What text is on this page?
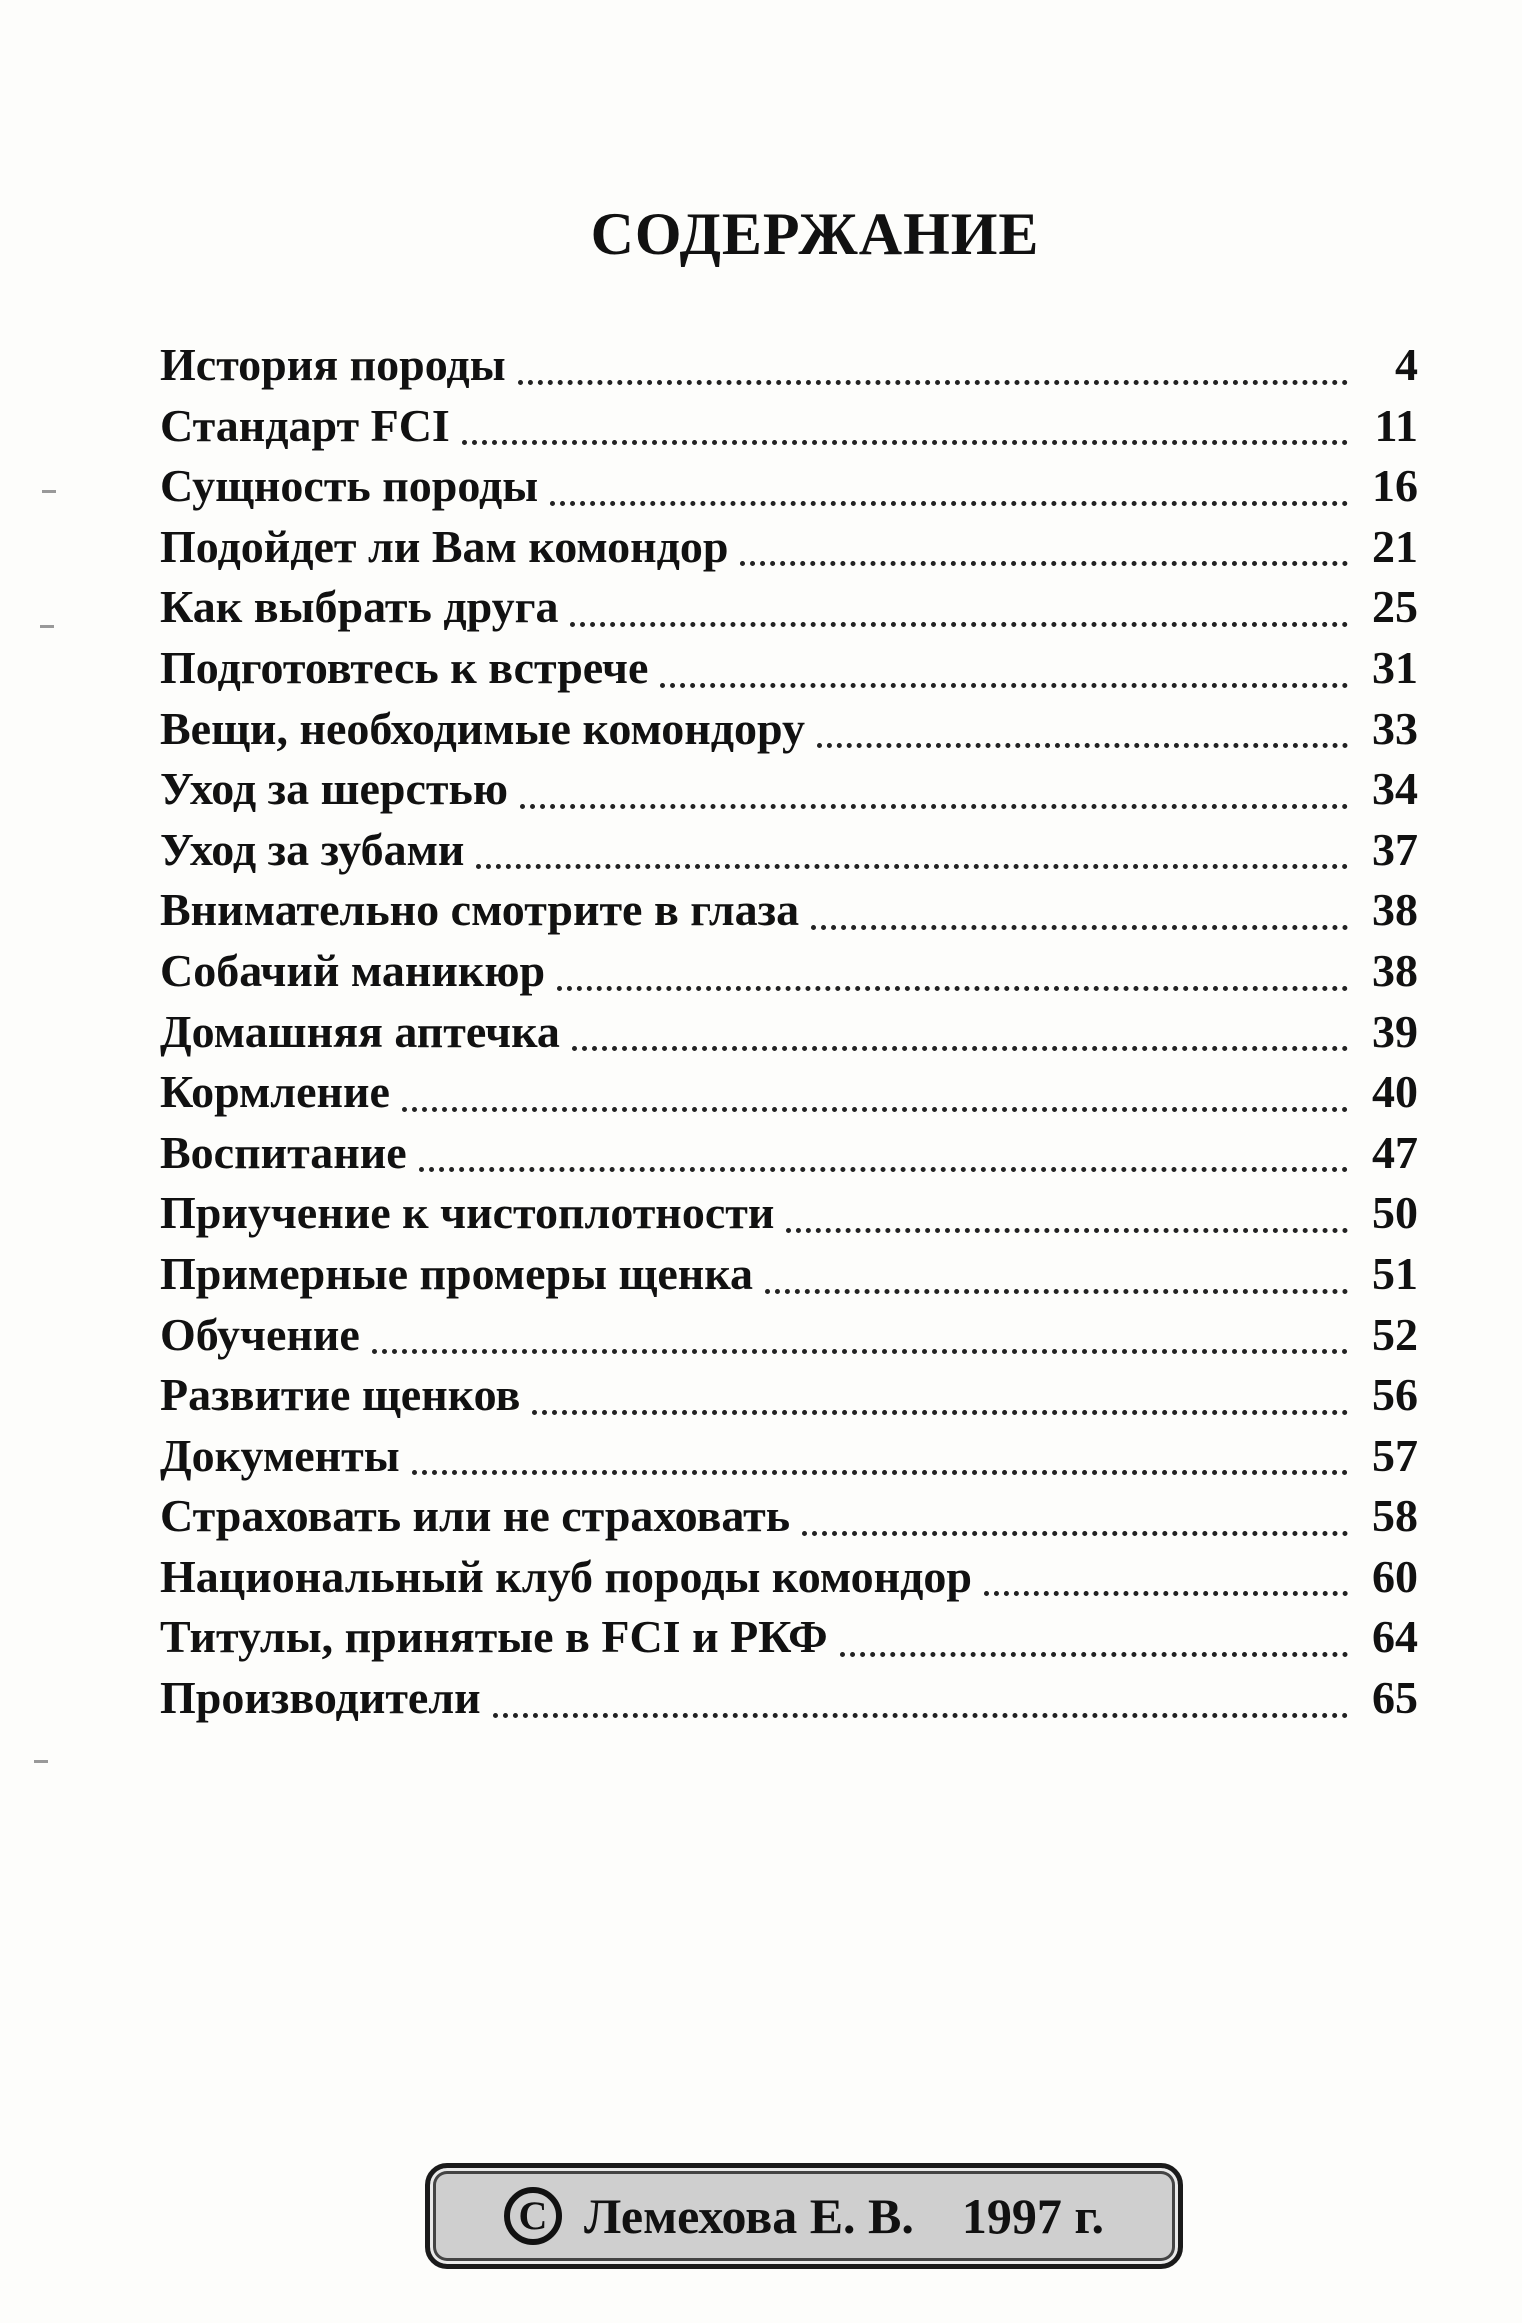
СОДЕРЖАНИЕ
История породы	4
Стандарт FCI	11
Сущность породы	16
Подойдет ли Вам комондор	21
Как выбрать друга	25
Подготовтесь к встрече	31
Вещи, необходимые комондору	33
Уход за шерстью	34
Уход за зубами	37
Внимательно смотрите в глаза	38
Собачий маникюр	38
Домашняя аптечка	39
Кормление	40
Воспитание	47
Приучение к чистоплотности	50
Примерные промеры щенка	51
Обучение	52
Развитие щенков	56
Документы	57
Страховать или не страховать	58
Национальный клуб породы комондор	60
Титулы, принятые в FCI и РКФ	64
Производители	65
C Лемехова Е. В. 1997 г.
